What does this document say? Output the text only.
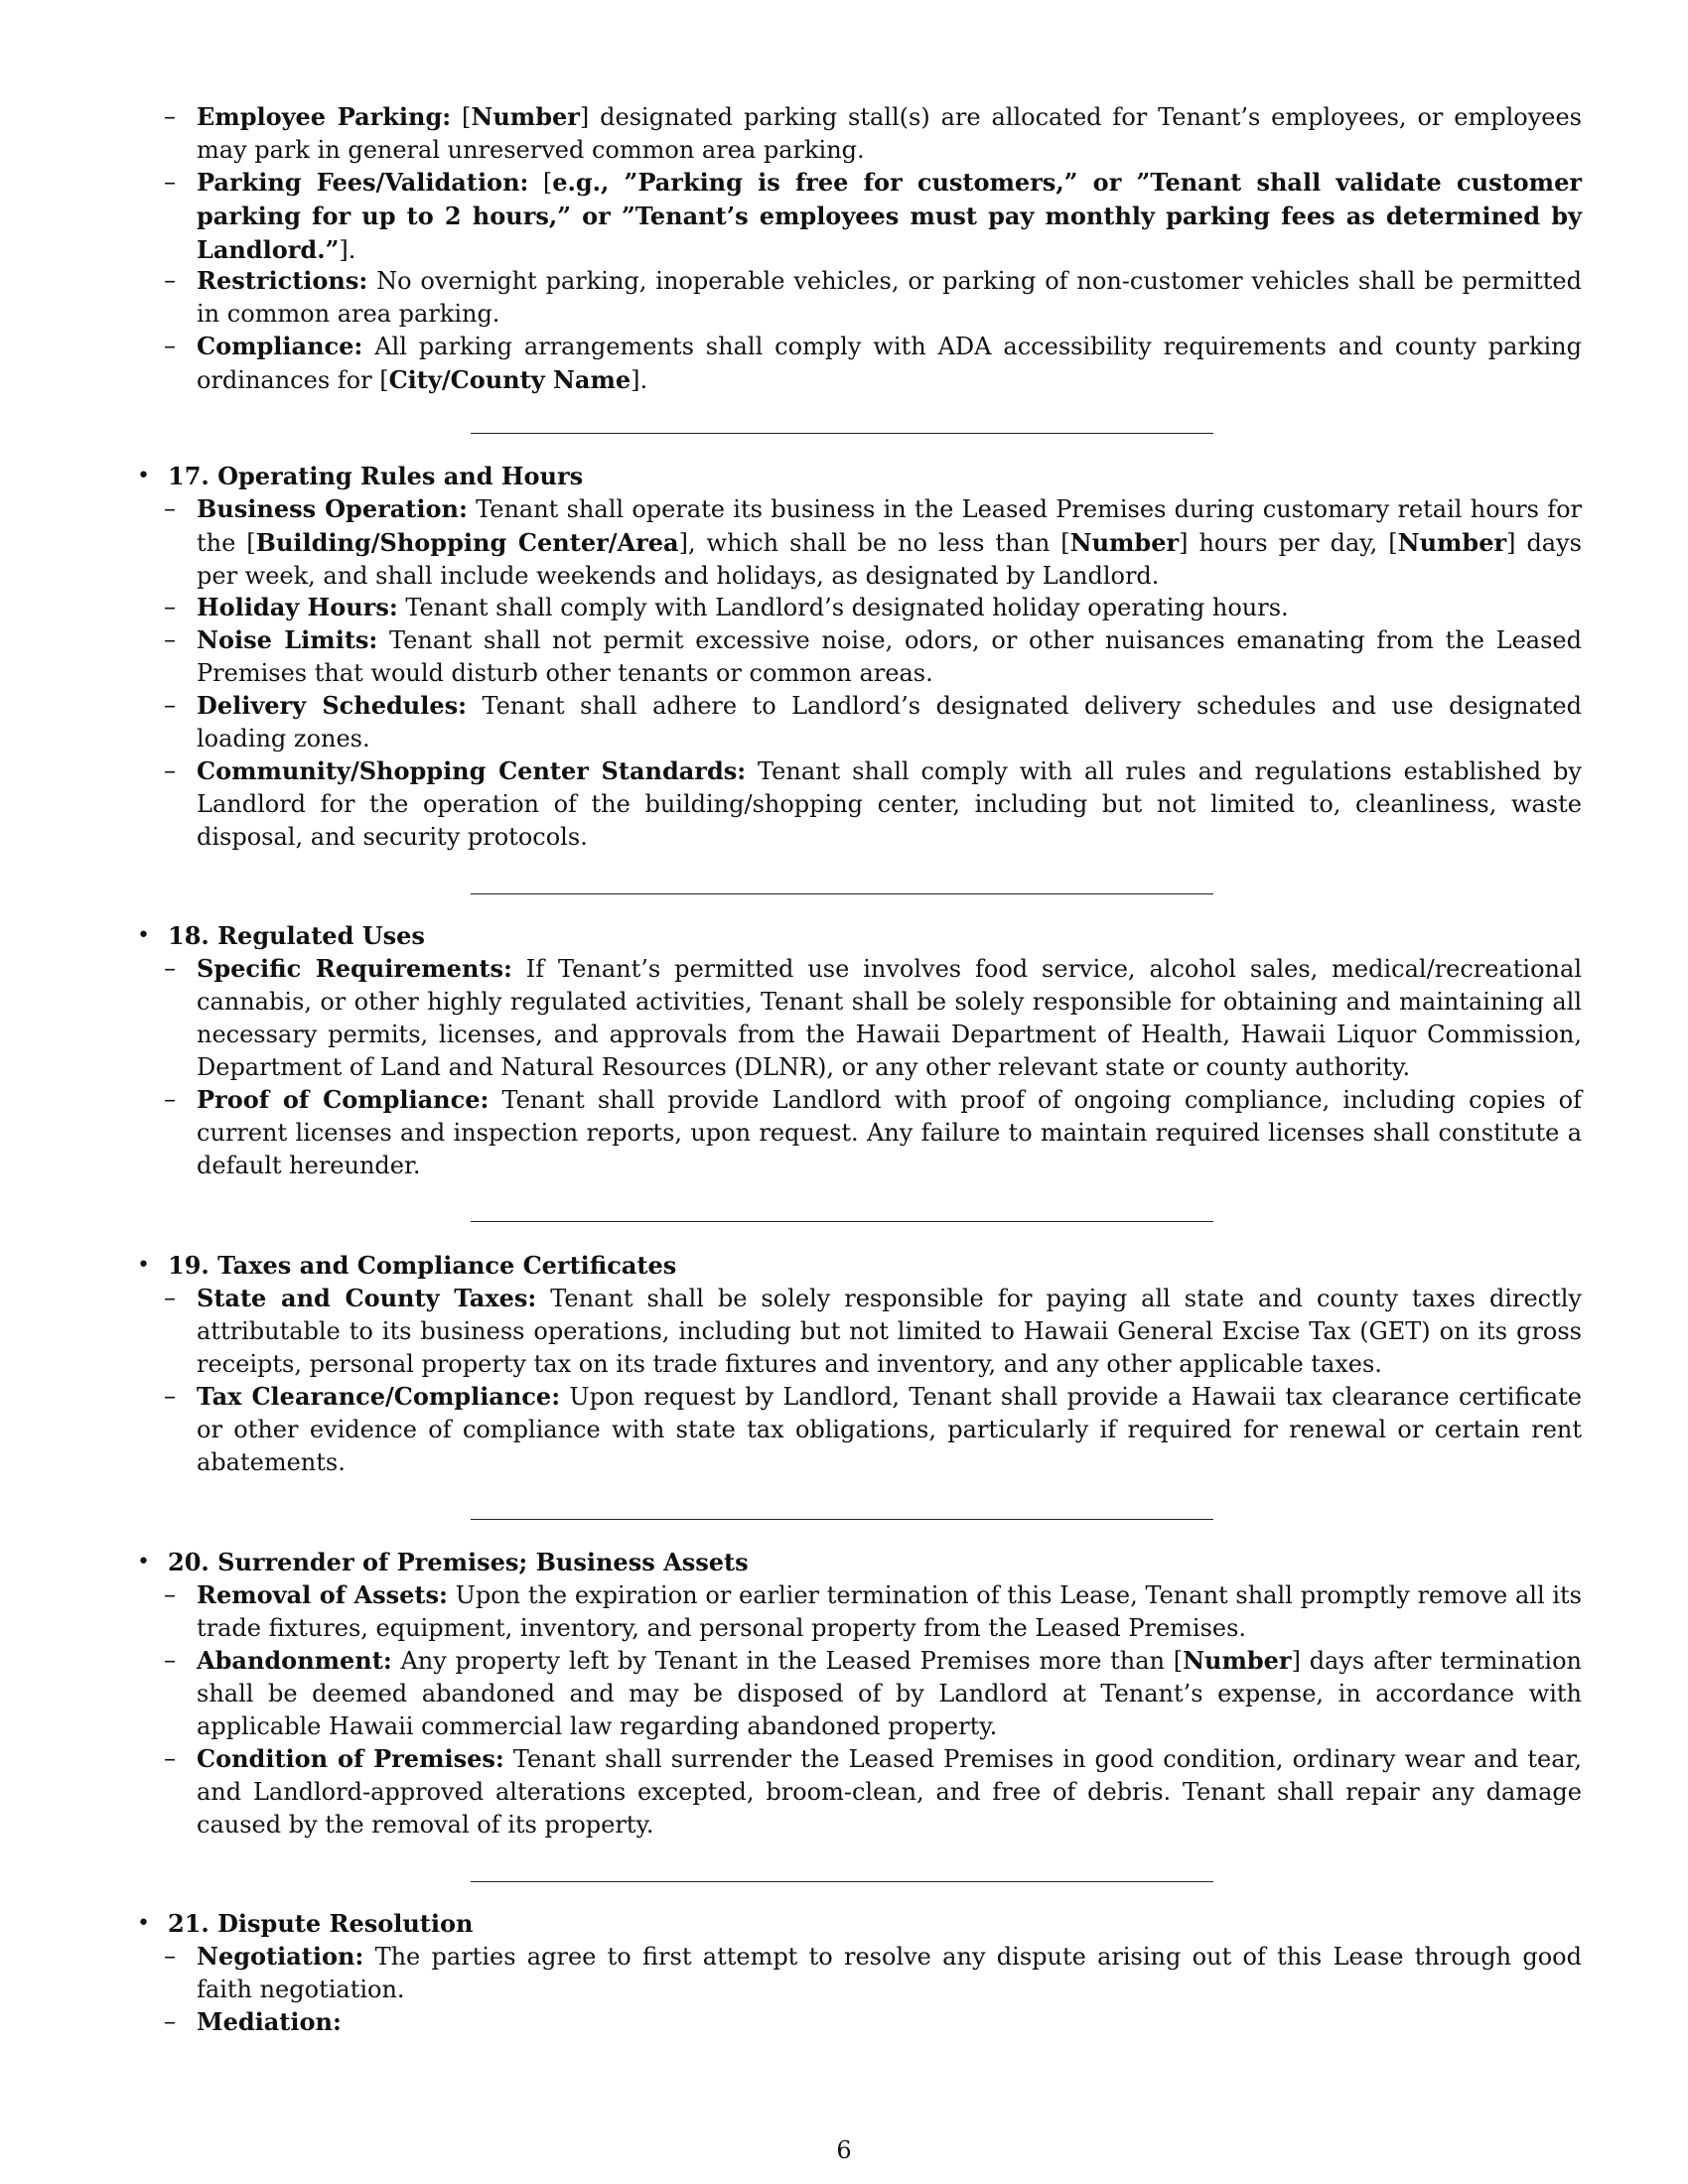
– Employee Parking: [Number] designated parking stall(s) are allocated for Tenant’s employees, or employees may park in general unreserved common area parking.
– Parking Fees/Validation: [e.g., ”Parking is free for customers,” or ”Tenant shall validate customer parking for up to 2 hours,” or ”Tenant’s employees must pay monthly parking fees as determined by Landlord.”].
– Restrictions: No overnight parking, inoperable vehicles, or parking of non-customer vehicles shall be permitted in common area parking.
– Compliance: All parking arrangements shall comply with ADA accessibility requirements and county parking ordinances for [City/County Name].
• 17. Operating Rules and Hours
– Business Operation: Tenant shall operate its business in the Leased Premises during customary retail hours for the [Building/Shopping Center/Area], which shall be no less than [Number] hours per day, [Number] days per week, and shall include weekends and holidays, as designated by Landlord.
– Holiday Hours: Tenant shall comply with Landlord’s designated holiday operating hours.
– Noise Limits: Tenant shall not permit excessive noise, odors, or other nuisances emanating from the Leased Premises that would disturb other tenants or common areas.
– Delivery Schedules: Tenant shall adhere to Landlord’s designated delivery schedules and use designated loading zones.
– Community/Shopping Center Standards: Tenant shall comply with all rules and regulations established by Landlord for the operation of the building/shopping center, including but not limited to, cleanliness, waste disposal, and security protocols.
• 18. Regulated Uses
– Specific Requirements: If Tenant’s permitted use involves food service, alcohol sales, medical/recreational cannabis, or other highly regulated activities, Tenant shall be solely responsible for obtaining and maintaining all necessary permits, licenses, and approvals from the Hawaii Department of Health, Hawaii Liquor Commission, Department of Land and Natural Resources (DLNR), or any other relevant state or county authority.
– Proof of Compliance: Tenant shall provide Landlord with proof of ongoing compliance, including copies of current licenses and inspection reports, upon request. Any failure to maintain required licenses shall constitute a default hereunder.
• 19. Taxes and Compliance Certificates
– State and County Taxes: Tenant shall be solely responsible for paying all state and county taxes directly attributable to its business operations, including but not limited to Hawaii General Excise Tax (GET) on its gross receipts, personal property tax on its trade fixtures and inventory, and any other applicable taxes.
– Tax Clearance/Compliance: Upon request by Landlord, Tenant shall provide a Hawaii tax clearance certificate or other evidence of compliance with state tax obligations, particularly if required for renewal or certain rent abatements.
• 20. Surrender of Premises; Business Assets
– Removal of Assets: Upon the expiration or earlier termination of this Lease, Tenant shall promptly remove all its trade fixtures, equipment, inventory, and personal property from the Leased Premises.
– Abandonment: Any property left by Tenant in the Leased Premises more than [Number] days after termination shall be deemed abandoned and may be disposed of by Landlord at Tenant’s expense, in accordance with applicable Hawaii commercial law regarding abandoned property.
– Condition of Premises: Tenant shall surrender the Leased Premises in good condition, ordinary wear and tear, and Landlord-approved alterations excepted, broom-clean, and free of debris. Tenant shall repair any damage caused by the removal of its property.
• 21. Dispute Resolution
– Negotiation: The parties agree to first attempt to resolve any dispute arising out of this Lease through good faith negotiation.
– Mediation:
6
